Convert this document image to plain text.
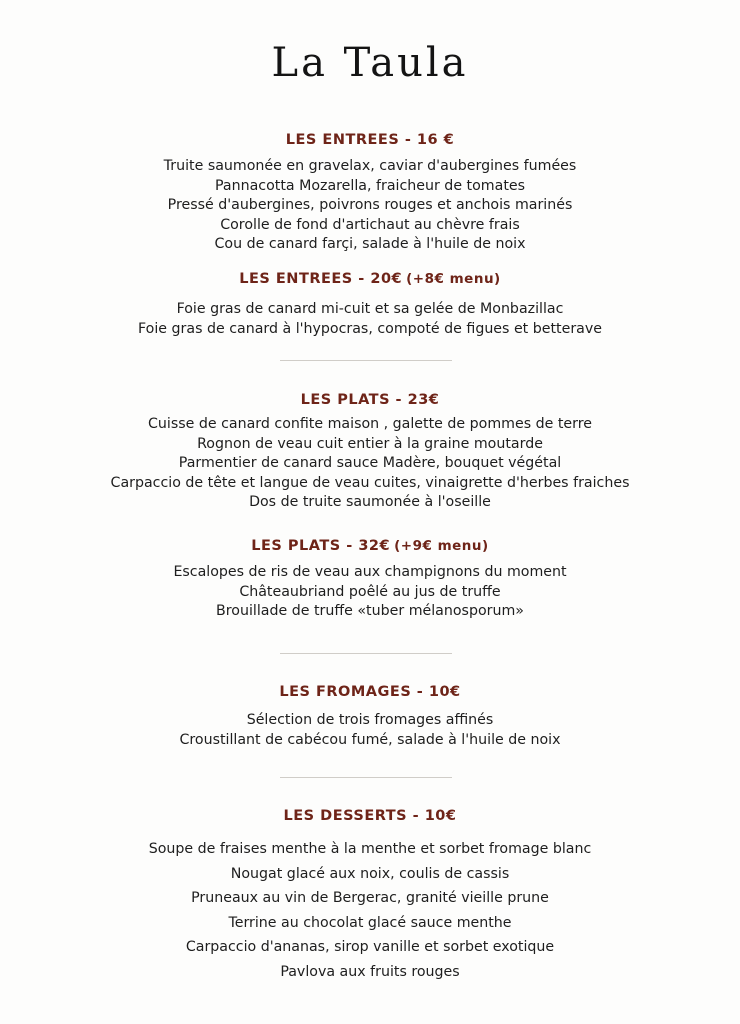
La Taula
LES ENTREES - 16 €
Truite saumonée en gravelax, caviar d'aubergines fumées
Pannacotta Mozarella, fraicheur de tomates
Pressé d'aubergines, poivrons rouges et anchois marinés
Corolle de fond d'artichaut au chèvre frais
Cou de canard farçi, salade à l'huile de noix
LES ENTREES - 20€ (+8€ menu)
Foie gras de canard mi-cuit et sa gelée de Monbazillac
Foie gras de canard à l'hypocras, compoté de figues et betterave
LES PLATS - 23€
Cuisse de canard confite maison , galette de pommes de terre
Rognon de veau cuit entier à la graine moutarde
Parmentier de canard sauce Madère, bouquet végétal
Carpaccio de tête et langue de veau cuites, vinaigrette d'herbes fraiches
Dos de truite saumonée à l'oseille
LES PLATS - 32€ (+9€ menu)
Escalopes de ris de veau aux champignons du moment
Châteaubriand poêlé au jus de truffe
Brouillade de truffe «tuber mélanosporum»
LES FROMAGES - 10€
Sélection de trois fromages affinés
Croustillant de cabécou fumé, salade à l'huile de noix
LES DESSERTS - 10€
Soupe de fraises menthe à la menthe et sorbet fromage blanc
Nougat glacé aux noix, coulis de cassis
Pruneaux au vin de Bergerac, granité vieille prune
Terrine au chocolat glacé sauce menthe
Carpaccio d'ananas, sirop vanille et sorbet exotique
Pavlova aux fruits rouges
